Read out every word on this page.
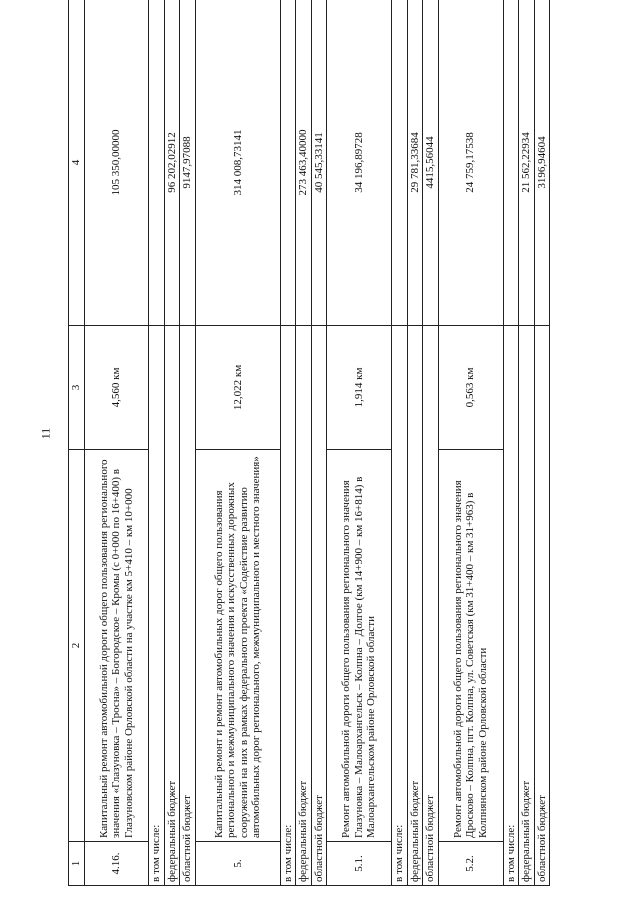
11
1	2	3	4
4.16.	Капитальный ремонт автомобильной дороги общего пользования регионального значения «Глазуновка – Тросна» – Богородское – Кромы (с 0+000 по 16+400) в Глазуновском районе Орловской области на участке км 5+410 – км 10+000	4,560 км	105 350,00000
в том числе:			
федеральный бюджет			96 202,02912
областной бюджет			9147,97088
5.	Капитальный ремонт и ремонт автомобильных дорог общего пользования регионального и межмуниципального значения и искусственных дорожных сооружений на них в рамках федерального проекта «Содействие развитию автомобильных дорог регионального, межмуниципального и местного значения»	12,022 км	314 008,73141
в том числе:			
федеральный бюджет			273 463,40000
областной бюджет			40 545,33141
5.1.	Ремонт автомобильной дороги общего пользования регионального значения Глазуновка – Малоархангельск – Колпна – Долгое (км 14+900 – км 16+814) в Малоархангельском районе Орловской области	1,914 км	34 196,89728
в том числе:			
федеральный бюджет			29 781,33684
областной бюджет			4415,56044
5.2.	Ремонт автомобильной дороги общего пользования регионального значения Дросково – Колпна, пгт. Колпна, ул. Советская (км 31+400 – км 31+963) в Колпнянском районе Орловской области	0,563 км	24 759,17538
в том числе:			
федеральный бюджет			21 562,22934
областной бюджет			3196,94604
